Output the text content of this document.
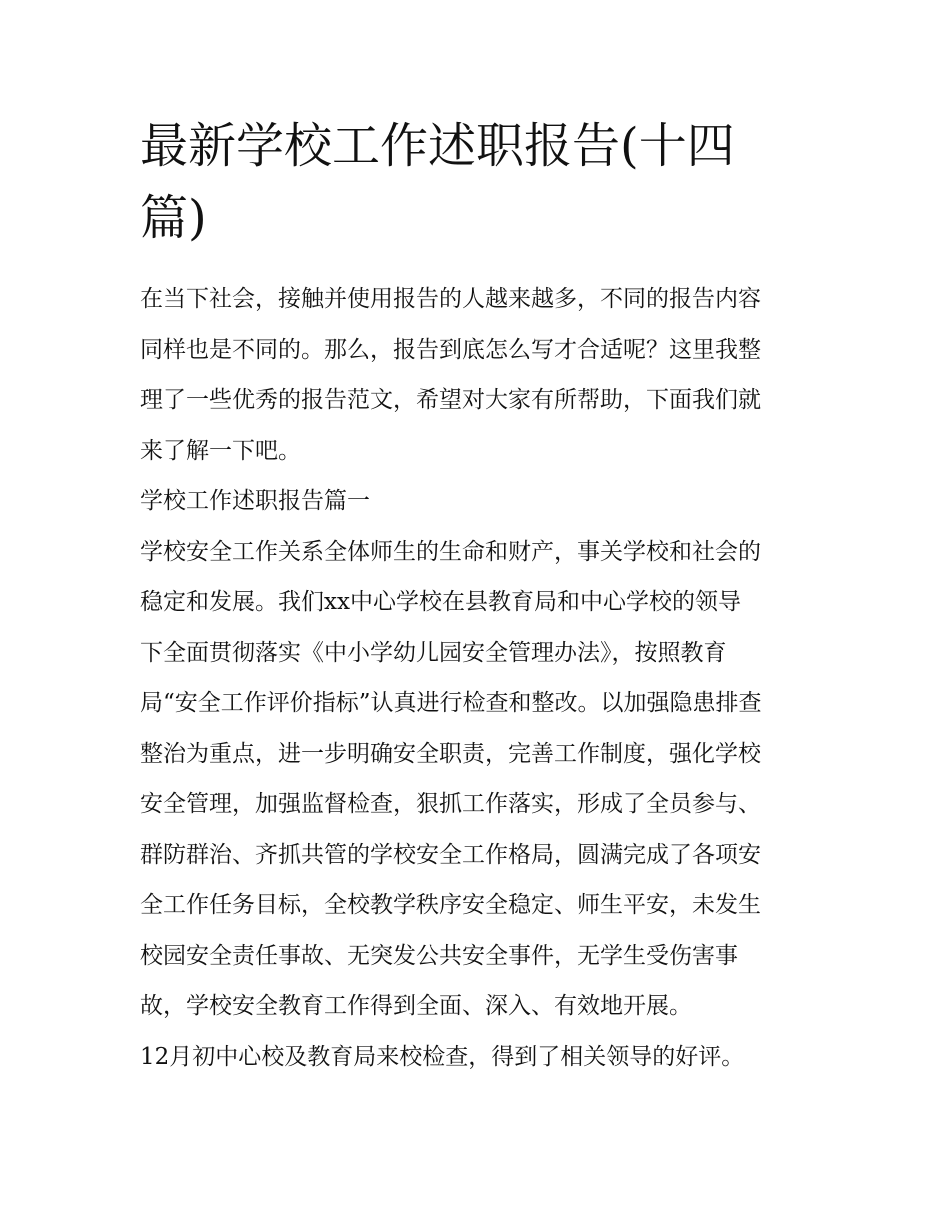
最新学校工作述职报告(十四
篇)

在当下社会，接触并使用报告的人越来越多，不同的报告内容
同样也是不同的。那么，报告到底怎么写才合适呢？这里我整
理了一些优秀的报告范文，希望对大家有所帮助，下面我们就
来了解一下吧。

学校工作述职报告篇一

学校安全工作关系全体师生的生命和财产，事关学校和社会的
稳定和发展。我们xx中心学校在县教育局和中心学校的领导
下全面贯彻落实《中小学幼儿园安全管理办法》，按照教育
局“安全工作评价指标”认真进行检查和整改。以加强隐患排查
整治为重点，进一步明确安全职责，完善工作制度，强化学校
安全管理，加强监督检查，狠抓工作落实，形成了全员参与、
群防群治、齐抓共管的学校安全工作格局，圆满完成了各项安
全工作任务目标，全校教学秩序安全稳定、师生平安，未发生
校园安全责任事故、无突发公共安全事件，无学生受伤害事
故，学校安全教育工作得到全面、深入、有效地开展。

12月初中心校及教育局来校检查，得到了相关领导的好评。
